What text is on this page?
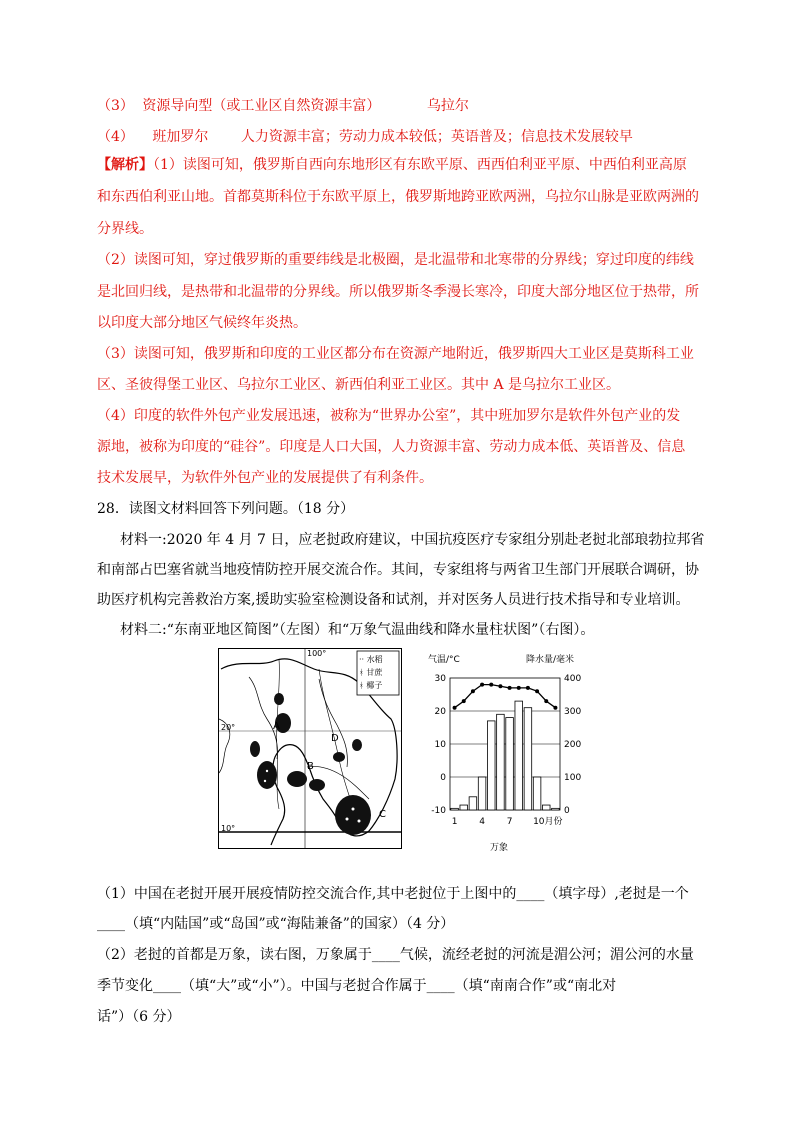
（3） 资源导向型（或工业区自然资源丰富）	乌拉尔
（4） 班加罗尔 人力资源丰富；劳动力成本较低；英语普及；信息技术发展较早
【解析】（1）读图可知，俄罗斯自西向东地形区有东欧平原、西西伯利亚平原、中西伯利亚高原
和东西伯利亚山地。首都莫斯科位于东欧平原上，俄罗斯地跨亚欧两洲，乌拉尔山脉是亚欧两洲的
分界线。
（2）读图可知，穿过俄罗斯的重要纬线是北极圈，是北温带和北寒带的分界线；穿过印度的纬线
是北回归线，是热带和北温带的分界线。所以俄罗斯冬季漫长寒冷，印度大部分地区位于热带，所
以印度大部分地区气候终年炎热。
（3）读图可知，俄罗斯和印度的工业区都分布在资源产地附近，俄罗斯四大工业区是莫斯科工业
区、圣彼得堡工业区、乌拉尔工业区、新西伯利亚工业区。其中 A 是乌拉尔工业区。
（4）印度的软件外包产业发展迅速，被称为“世界办公室”，其中班加罗尔是软件外包产业的发
源地，被称为印度的“硅谷”。印度是人口大国，人力资源丰富、劳动力成本低、英语普及、信息
技术发展早，为软件外包产业的发展提供了有利条件。
28．读图文材料回答下列问题。（18 分）
材料一:2020 年 4 月 7 日，应老挝政府建议，中国抗疫医疗专家组分别赴老挝北部琅勃拉邦省
和南部占巴塞省就当地疫情防控开展交流合作。其间，专家组将与两省卫生部门开展联合调研，协
助医疗机构完善救治方案,援助实验室检测设备和试剂，并对医务人员进行技术指导和专业培训。
材料二:“东南亚地区简图”（左图）和“万象气温曲线和降水量柱状图”（右图）。
100°
20°
10°
﻿·· 水稻
ᚼ 甘蔗
ᚼ 椰子
A
B
C
D
气温/°C	降水量/毫米
万象
30	400
20	300
10	200
0	100
-10	0
1 4 7 10月份
（1）中国在老挝开展开展疫情防控交流合作,其中老挝位于上图中的____（填字母）,老挝是一个
____（填“内陆国”或“岛国”或“海陆兼备”的国家）（4 分）
（2）老挝的首都是万象，读右图，万象属于____气候，流经老挝的河流是湄公河；湄公河的水量
季节变化____（填“大”或“小”）。中国与老挝合作属于____（填“南南合作”或“南北对
话”）（6 分）
